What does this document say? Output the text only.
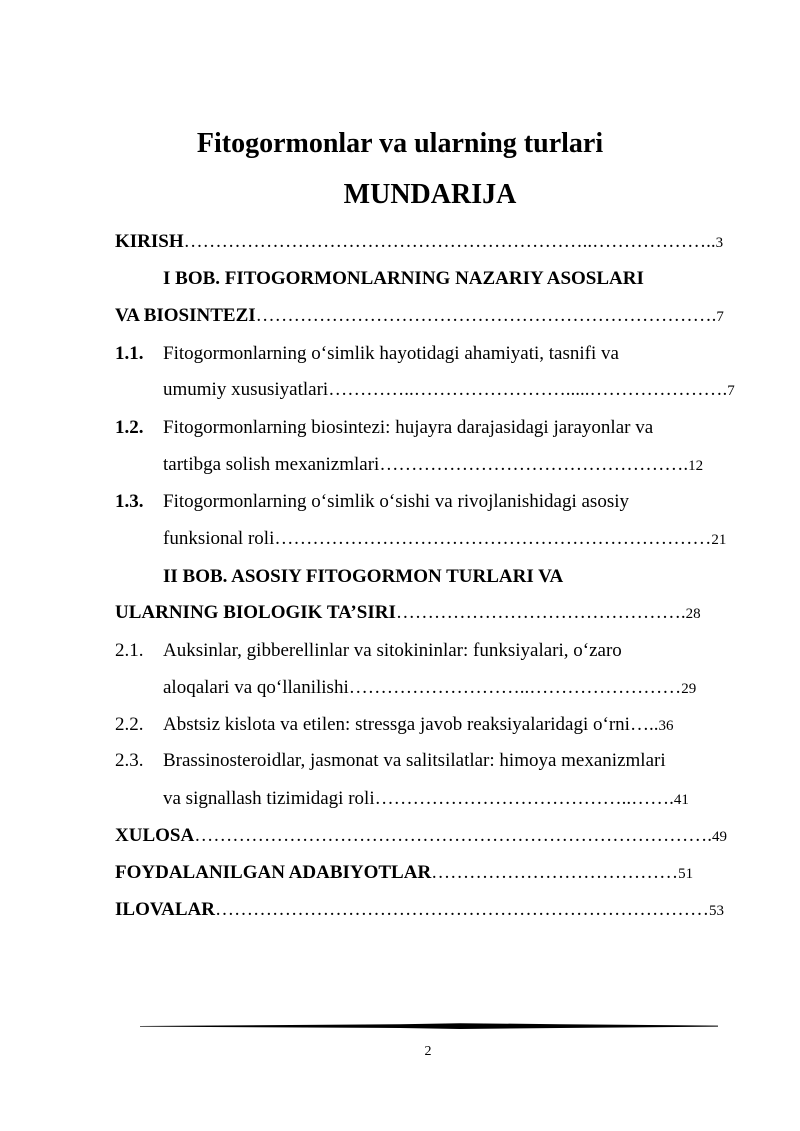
Fitogormonlar va ularning turlari
MUNDARIJA
KIRISH………………………………………………………..………………..3
I BOB. FITOGORMONLARNING NAZARIY ASOSLARI
VA BIOSINTEZI……………………………………………………………….7
1.1. Fitogormonlarning o‘simlik hayotidagi ahamiyati, tasnifi va
umumiy xususiyatlari…………..…………………….....………………….7
1.2. Fitogormonlarning biosintezi: hujayra darajasidagi jarayonlar va
tartibga solish mexanizmlari………………………………………….12
1.3. Fitogormonlarning o‘simlik o‘sishi va rivojlanishidagi asosiy
funksional roli……………………………………………………………21
II BOB. ASOSIY FITOGORMON TURLARI VA
ULARNING BIOLOGIK TA’SIRI……………………………………….28
2.1. Auksinlar, gibberellinlar va sitokininlar: funksiyalari, o‘zaro
aloqalari va qo‘llanilishi………………………..……………………29
2.2. Abstsiz kislota va etilen: stressga javob reaksiyalaridagi o‘rni…..36
2.3. Brassinosteroidlar, jasmonat va salitsilatlar: himoya mexanizmlari
va signallash tizimidagi roli…………………………………..…….41
XULOSA……………………………………………………………………….49
FOYDALANILGAN ADABIYOTLAR…………………………………51
ILOVALAR……………………………………………………………………53
2
